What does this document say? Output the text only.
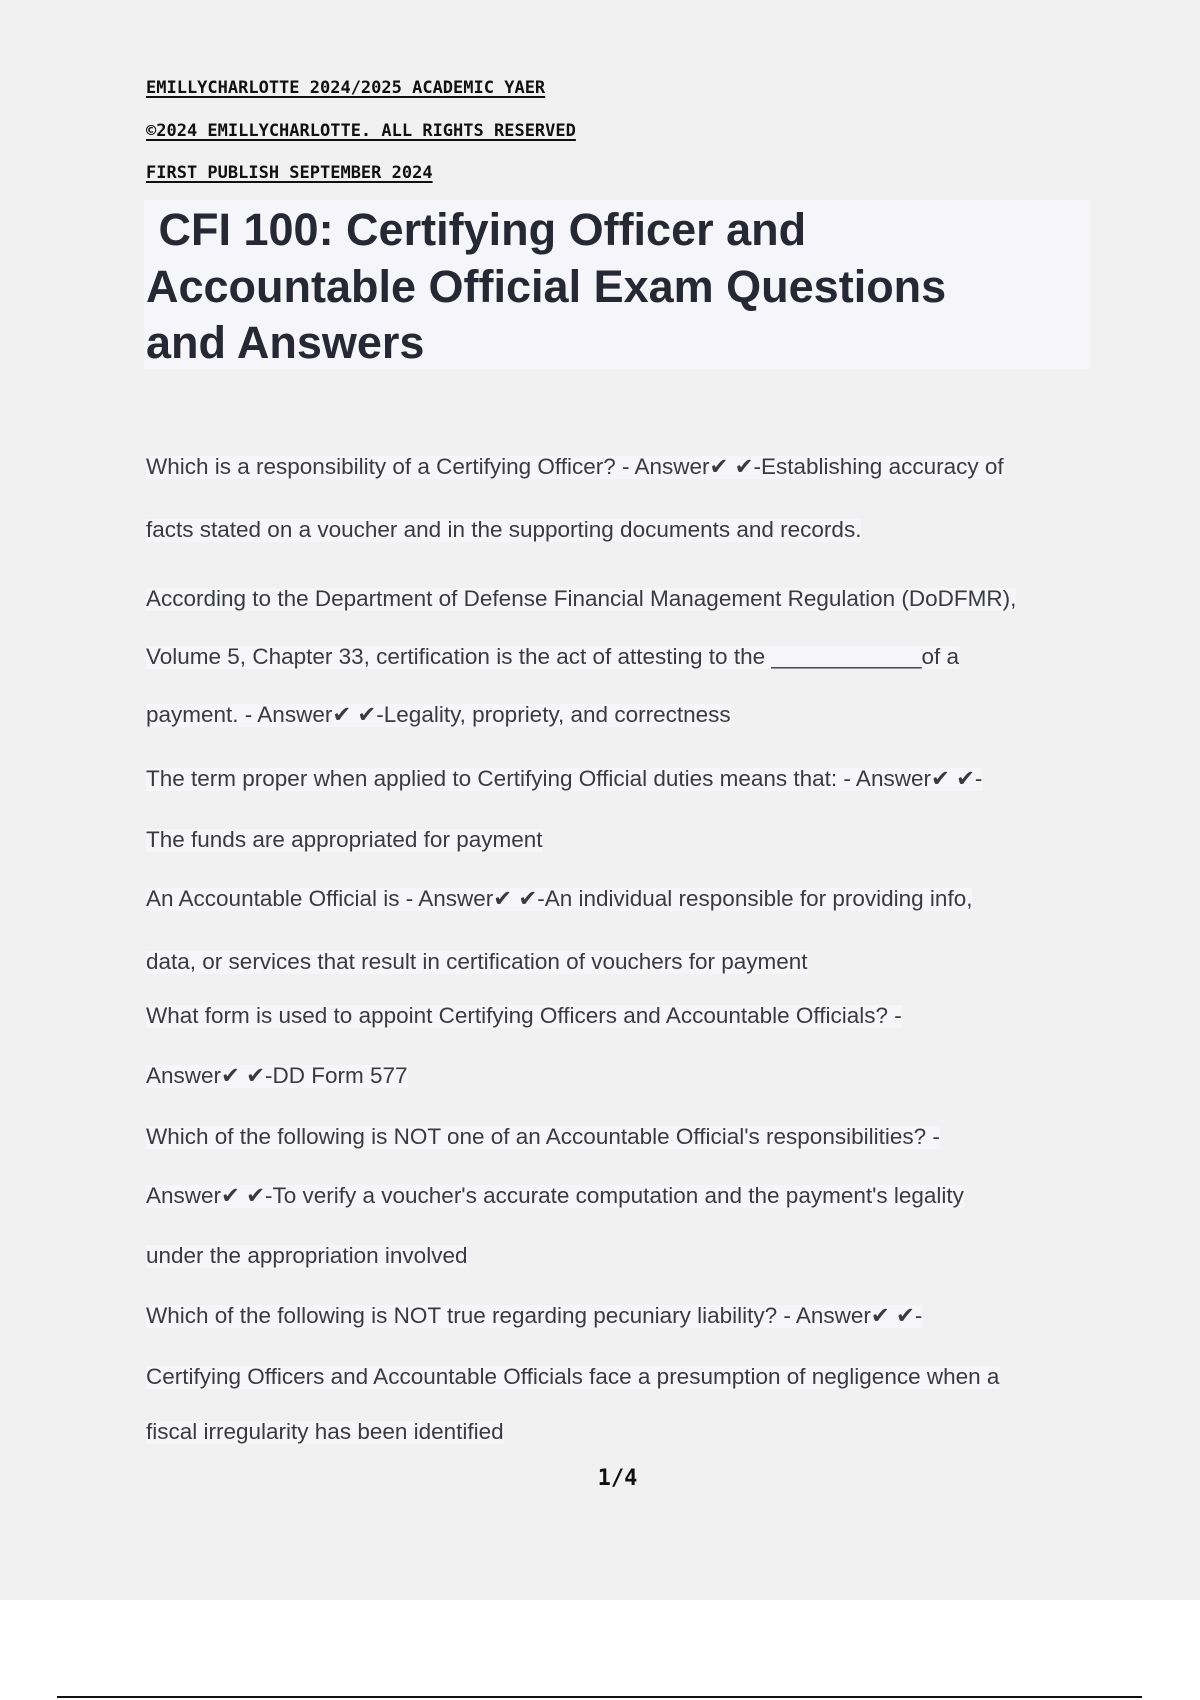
EMILLYCHARLOTTE 2024/2025 ACADEMIC YAER
©2024 EMILLYCHARLOTTE. ALL RIGHTS RESERVED
FIRST PUBLISH SEPTEMBER 2024
CFI 100: Certifying Officer and
Accountable Official Exam Questions
and Answers
Which is a responsibility of a Certifying Officer? - Answer✔ ✔-Establishing accuracy of
facts stated on a voucher and in the supporting documents and records.
According to the Department of Defense Financial Management Regulation (DoDFMR),
Volume 5, Chapter 33, certification is the act of attesting to the ____________of a
payment. - Answer✔ ✔-Legality, propriety, and correctness
The term proper when applied to Certifying Official duties means that: - Answer✔ ✔-
The funds are appropriated for payment
An Accountable Official is - Answer✔ ✔-An individual responsible for providing info,
data, or services that result in certification of vouchers for payment
What form is used to appoint Certifying Officers and Accountable Officials? -
Answer✔ ✔-DD Form 577
Which of the following is NOT one of an Accountable Official's responsibilities? -
Answer✔ ✔-To verify a voucher's accurate computation and the payment's legality
under the appropriation involved
Which of the following is NOT true regarding pecuniary liability? - Answer✔ ✔-
Certifying Officers and Accountable Officials face a presumption of negligence when a
fiscal irregularity has been identified
1/4
